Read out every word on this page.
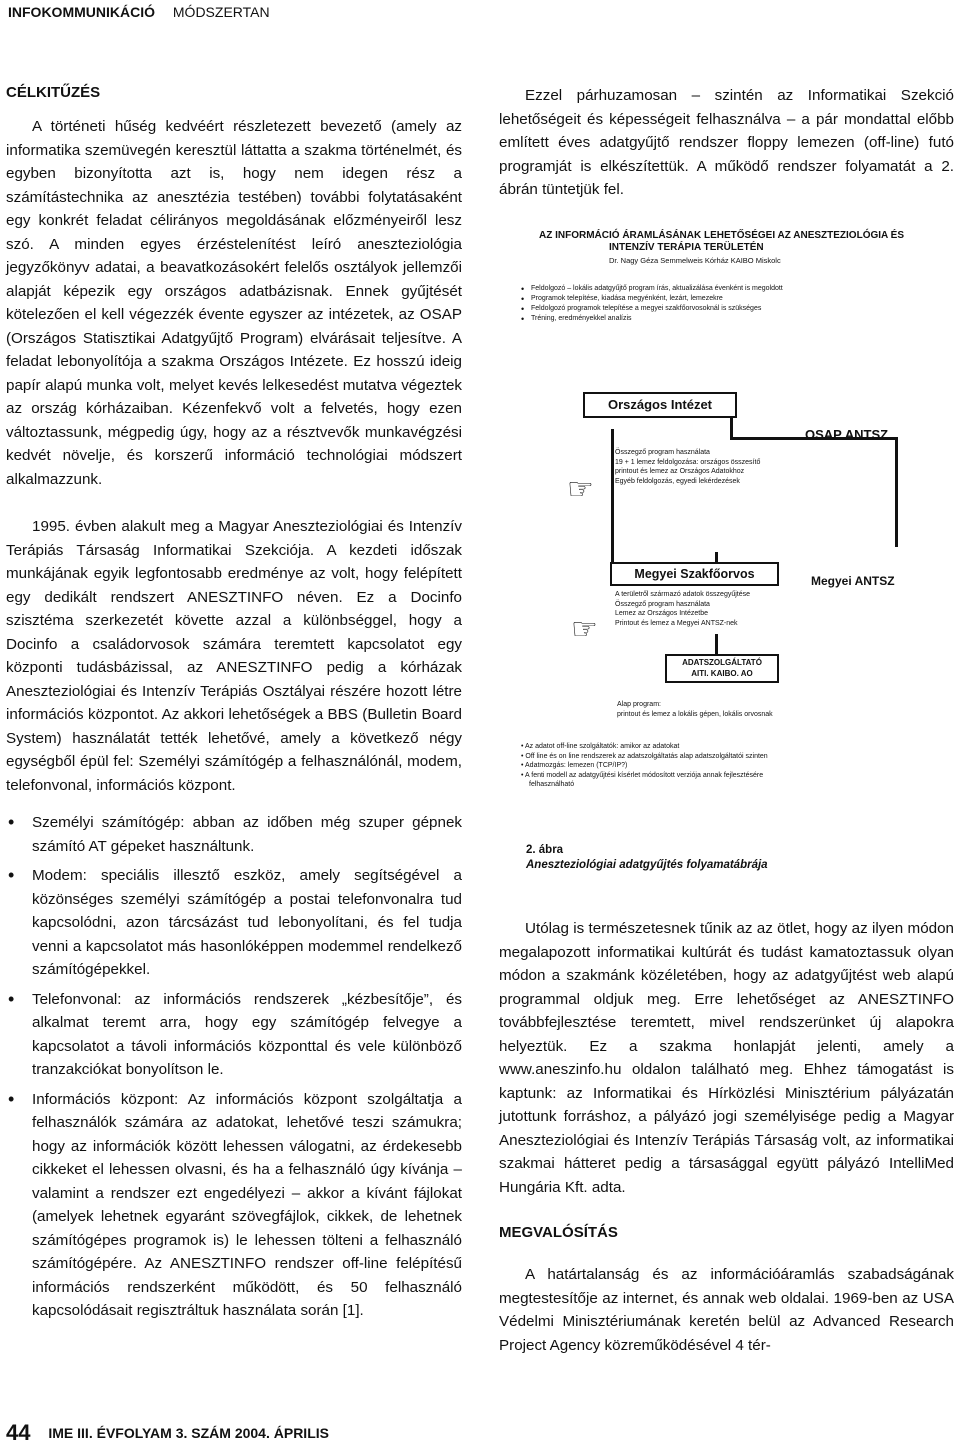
INFOKOMMUNIKÁCIÓ MÓDSZERTAN
CÉLKITŰZÉS

A történeti hűség kedvéért részletezett bevezető (amely az informatika szemüvegén keresztül láttatta a szakma történelmét, és egyben bizonyította azt is, hogy nem idegen rész a számítástechnika az anesztézia testében) további folytatásaként egy konkrét feladat célirányos megoldásának előzményeiről lesz szó. A minden egyes érzéstelenítést leíró aneszteziológia jegyzőkönyv adatai, a beavatkozásokért felelős osztályok jellemzői alapját képezik egy országos adatbázisnak. Ennek gyűjtését kötelezően el kell végezzék évente egyszer az intézetek, az OSAP (Országos Statisztikai Adatgyűjtő Program) elvárásait teljesítve. A feladat lebonyolítója a szakma Országos Intézete. Ez hosszú ideig papír alapú munka volt, melyet kevés lelkesedést mutatva végeztek az ország kórházaiban. Kézenfekvő volt a felvetés, hogy ezen változtassunk, mégpedig úgy, hogy az a résztvevők munkavégzési kedvét növelje, és korszerű információ technológiai módszert alkalmazzunk.

1995. évben alakult meg a Magyar Aneszteziológiai és Intenzív Terápiás Társaság Informatikai Szekciója. A kezdeti időszak munkájának egyik legfontosabb eredménye az volt, hogy felépített egy dedikált rendszert ANESZTINFO néven. Ez a Docinfo szisztéma szerkezetét követte azzal a különbséggel, hogy a Docinfo a családorvosok számára teremtett kapcsolatot egy központi tudásbázissal, az ANESZTINFO pedig a kórházak Aneszteziológiai és Intenzív Terápiás Osztályai részére hozott létre információs központot. Az akkori lehetőségek a BBS (Bulletin Board System) használatát tették lehetővé, amely a következő négy egységből épül fel: Személyi számítógép a felhasználónál, modem, telefonvonal, információs központ.

• Személyi számítógép: abban az időben még szuper gépnek számító AT gépeket használtunk.
• Modem: speciális illesztő eszköz, amely segítségével a közönséges személyi számítógép a postai telefonvonalra tud kapcsolódni, azon tárcsázást tud lebonyolítani, és fel tudja venni a kapcsolatot más hasonlóképpen modemmel rendelkező számítógépekkel.
• Telefonvonal: az információs rendszerek „kézbesítője”, és alkalmat teremt arra, hogy egy számítógép felvegye a kapcsolatot a távoli információs központtal és vele különböző tranzakciókat bonyolítson le.
• Információs központ: Az információs központ szolgáltatja a felhasználók számára az adatokat, lehetővé teszi számukra; hogy az információk között lehessen válogatni, az érdekesebb cikkeket el lehessen olvasni, és ha a felhasználó úgy kívánja – valamint a rendszer ezt engedélyezi – akkor a kívánt fájlokat (amelyek lehetnek egyaránt szövegfájlok, cikkek, de lehetnek számítógépes programok is) le lehessen tölteni a felhasználó számítógépére. Az ANESZTINFO rendszer off-line felépítésű információs rendszerként működött, és 50 felhasználó kapcsolódásait regisztráltuk használata során [1].

Ezzel párhuzamosan – szintén az Informatikai Szekció lehetőségeit és képességeit felhasználva – a pár mondattal előbb említett éves adatgyűjtő rendszer floppy lemezen (off-line) futó programját is elkészítettük. A működő rendszer folyamatát a 2. ábrán tüntetjük fel.

AZ INFORMÁCIÓ ÁRAMLÁSÁNAK LEHETŐSÉGEI AZ ANESZTEZIOLÓGIA ÉS
INTENZÍV TERÁPIA TERÜLETÉN
Dr. Nagy Géza Semmelweis Kórház KAIBO Miskolc
• Feldolgozó – lokális adatgyűjtő program írás, aktualizálása évenként is megoldott
• Programok telepítése, kiadása megyénként, lezárt, lemezekre
• Feldolgozó programok telepítése a megyei szakfőorvosoknál is szükséges
• Tréning, eredményekkel analízis
Országos Intézet
OSAP ANTSZ
Összegző program használata
19 + 1 lemez feldolgozása: országos összesítő
printout és lemez az Országos Adatokhoz
Egyéb feldolgozás, egyedi lekérdezések
☞
Megyei Szakfőorvos	Megyei ANTSZ
A területről származó adatok összegyűjtése
Összegző program használata
Lemez az Országos Intézetbe
Printout és lemez a Megyei ANTSZ-nek
☞
ADATSZOLGÁLTATÓ
AITI. KAIBO. AO
Alap program:
printout és lemez a lokális gépen, lokális orvosnak
• Az adatot off-line szolgáltatók: amikor az adatokat
• Off line és on line rendszerek az adatszolgáltatás alap adatszolgáltatói szinten
• Adatmozgás: lemezen (TCP/IP?)
• A fenti modell az adatgyűjtési kísérlet módosított verziója annak fejlesztésére
felhasználható
2. ábra
Aneszteziológiai adatgyűjtés folyamatábrája

Utólag is természetesnek tűnik az az ötlet, hogy az ilyen módon megalapozott informatikai kultúrát és tudást kamatoztassuk olyan módon a szakmánk közéletében, hogy az adatgyűjtést web alapú programmal oldjuk meg. Erre lehetőséget az ANESZTINFO továbbfejlesztése teremtett, mivel rendszerünket új alapokra helyeztük. Ez a szakma honlapját jelenti, amely a www.aneszinfo.hu oldalon található meg. Ehhez támogatást is kaptunk: az Informatikai és Hírközlési Minisztérium pályázatán jutottunk forráshoz, a pályázó jogi személyisége pedig a Magyar Aneszteziológiai és Intenzív Terápiás Társaság volt, az informatikai szakmai hátteret pedig a társasággal együtt pályázó IntelliMed Hungária Kft. adta.

MEGVALÓSÍTÁS

A határtalanság és az információáramlás szabadságának megtestesítője az internet, és annak web oldalai. 1969-ben az USA Védelmi Minisztériumának keretén belül az Advanced Research Project Agency közreműködésével 4 tér-

44 IME III. ÉVFOLYAM 3. SZÁM 2004. ÁPRILIS
